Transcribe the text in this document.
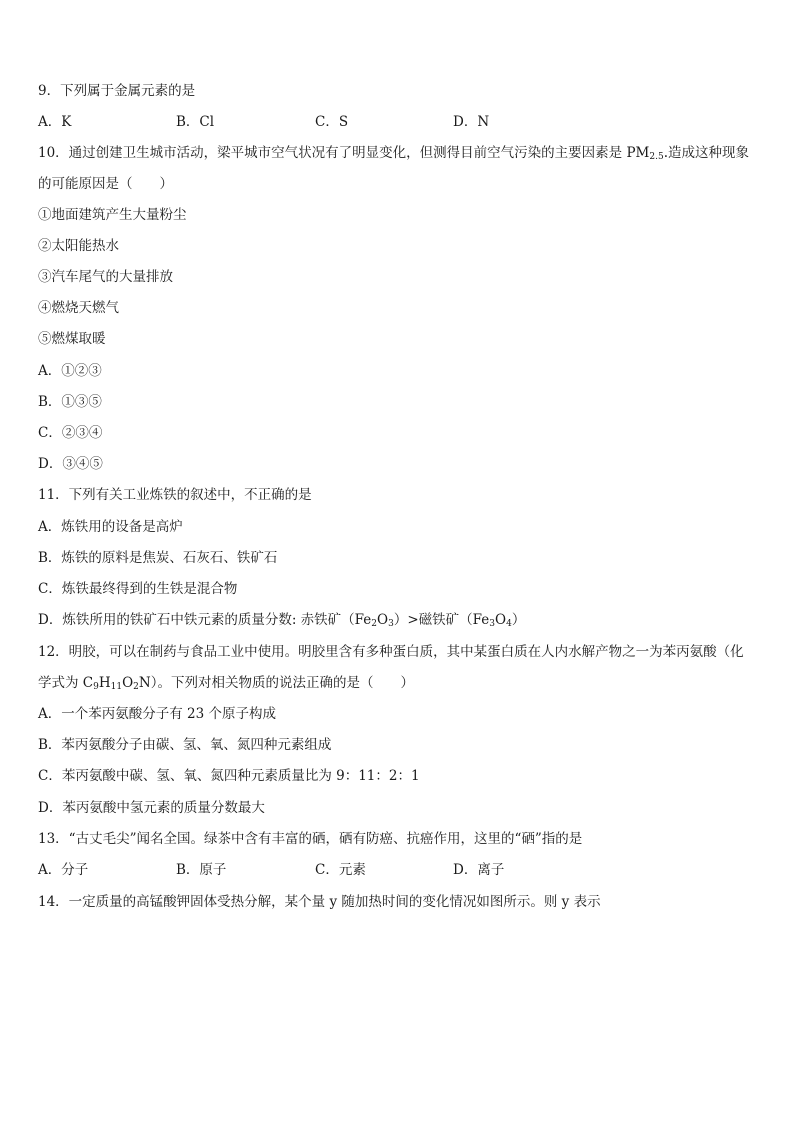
9．下列属于金属元素的是
A．K	B．Cl	C．S	D．N
10．通过创建卫生城市活动，梁平城市空气状况有了明显变化，但测得目前空气污染的主要因素是 $PM_{2.5}$.造成这种现象
的可能原因是（　　）
①地面建筑产生大量粉尘
②太阳能热水
③汽车尾气的大量排放
④燃烧天燃气
⑤燃煤取暖
A．①②③
B．①③⑤
C．②③④
D．③④⑤
11．下列有关工业炼铁的叙述中，不正确的是
A．炼铁用的设备是高炉
B．炼铁的原料是焦炭、石灰石、铁矿石
C．炼铁最终得到的生铁是混合物
D．炼铁所用的铁矿石中铁元素的质量分数: 赤铁矿$(Fe_2O_3)>$磁铁矿$(Fe_3O_4)$
12．明胶，可以在制药与食品工业中使用。明胶里含有多种蛋白质，其中某蛋白质在人内水解产物之一为苯丙氨酸（化
学式为 $C_9H_{11}O_2N$）。下列对相关物质的说法正确的是（　　）
A．一个苯丙氨酸分子有 23 个原子构成
B．苯丙氨酸分子由碳、氢、氧、氮四种元素组成
C．苯丙氨酸中碳、氢、氧、氮四种元素质量比为 9：11：2：1
D．苯丙氨酸中氢元素的质量分数最大
13．“古丈毛尖”闻名全国。绿茶中含有丰富的硒，硒有防癌、抗癌作用，这里的“硒”指的是
A．分子	B．原子	C．元素	D．离子
14．一定质量的高锰酸钾固体受热分解，某个量 y 随加热时间的变化情况如图所示。则 y 表示
